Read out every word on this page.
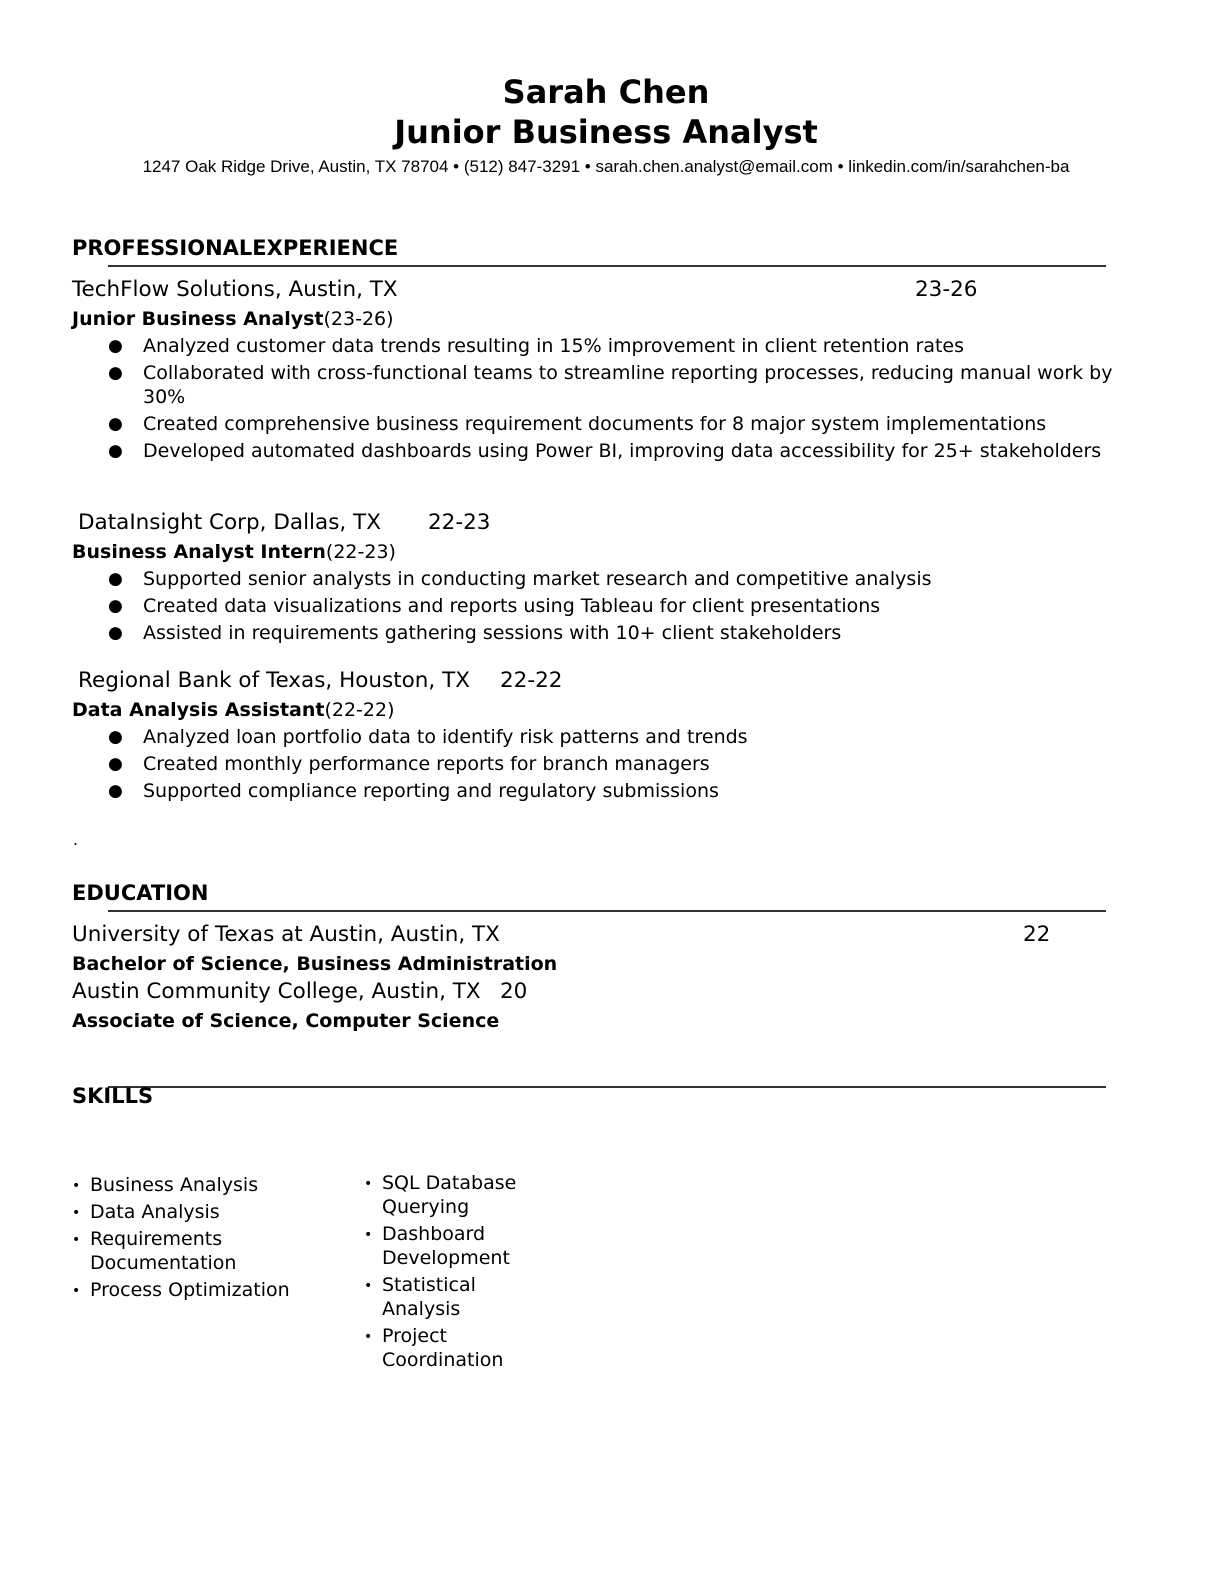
Sarah Chen
Junior Business Analyst
1247 Oak Ridge Drive, Austin, TX 78704 • (512) 847-3291 • sarah.chen.analyst@email.com • linkedin.com/in/sarahchen-ba
PROFESSIONALEXPERIENCE
TechFlow Solutions, Austin, TX	23-26
Junior Business Analyst(23-26)
● Analyzed customer data trends resulting in 15% improvement in client retention rates
● Collaborated with cross-functional teams to streamline reporting processes, reducing manual work by 30%
● Created comprehensive business requirement documents for 8 major system implementations
● Developed automated dashboards using Power BI, improving data accessibility for 25+ stakeholders
DataInsight Corp, Dallas, TX 22-23
Business Analyst Intern(22-23)
● Supported senior analysts in conducting market research and competitive analysis
● Created data visualizations and reports using Tableau for client presentations
● Assisted in requirements gathering sessions with 10+ client stakeholders
Regional Bank of Texas, Houston, TX 22-22
Data Analysis Assistant(22-22)
● Analyzed loan portfolio data to identify risk patterns and trends
● Created monthly performance reports for branch managers
● Supported compliance reporting and regulatory submissions
.
EDUCATION
University of Texas at Austin, Austin, TX	22
Bachelor of Science, Business Administration
Austin Community College, Austin, TX 20
Associate of Science, Computer Science
SKILLS
• Business Analysis
• Data Analysis
• Requirements Documentation
• Process Optimization
• SQL Database Querying
• Dashboard Development
• Statistical Analysis
• Project Coordination
